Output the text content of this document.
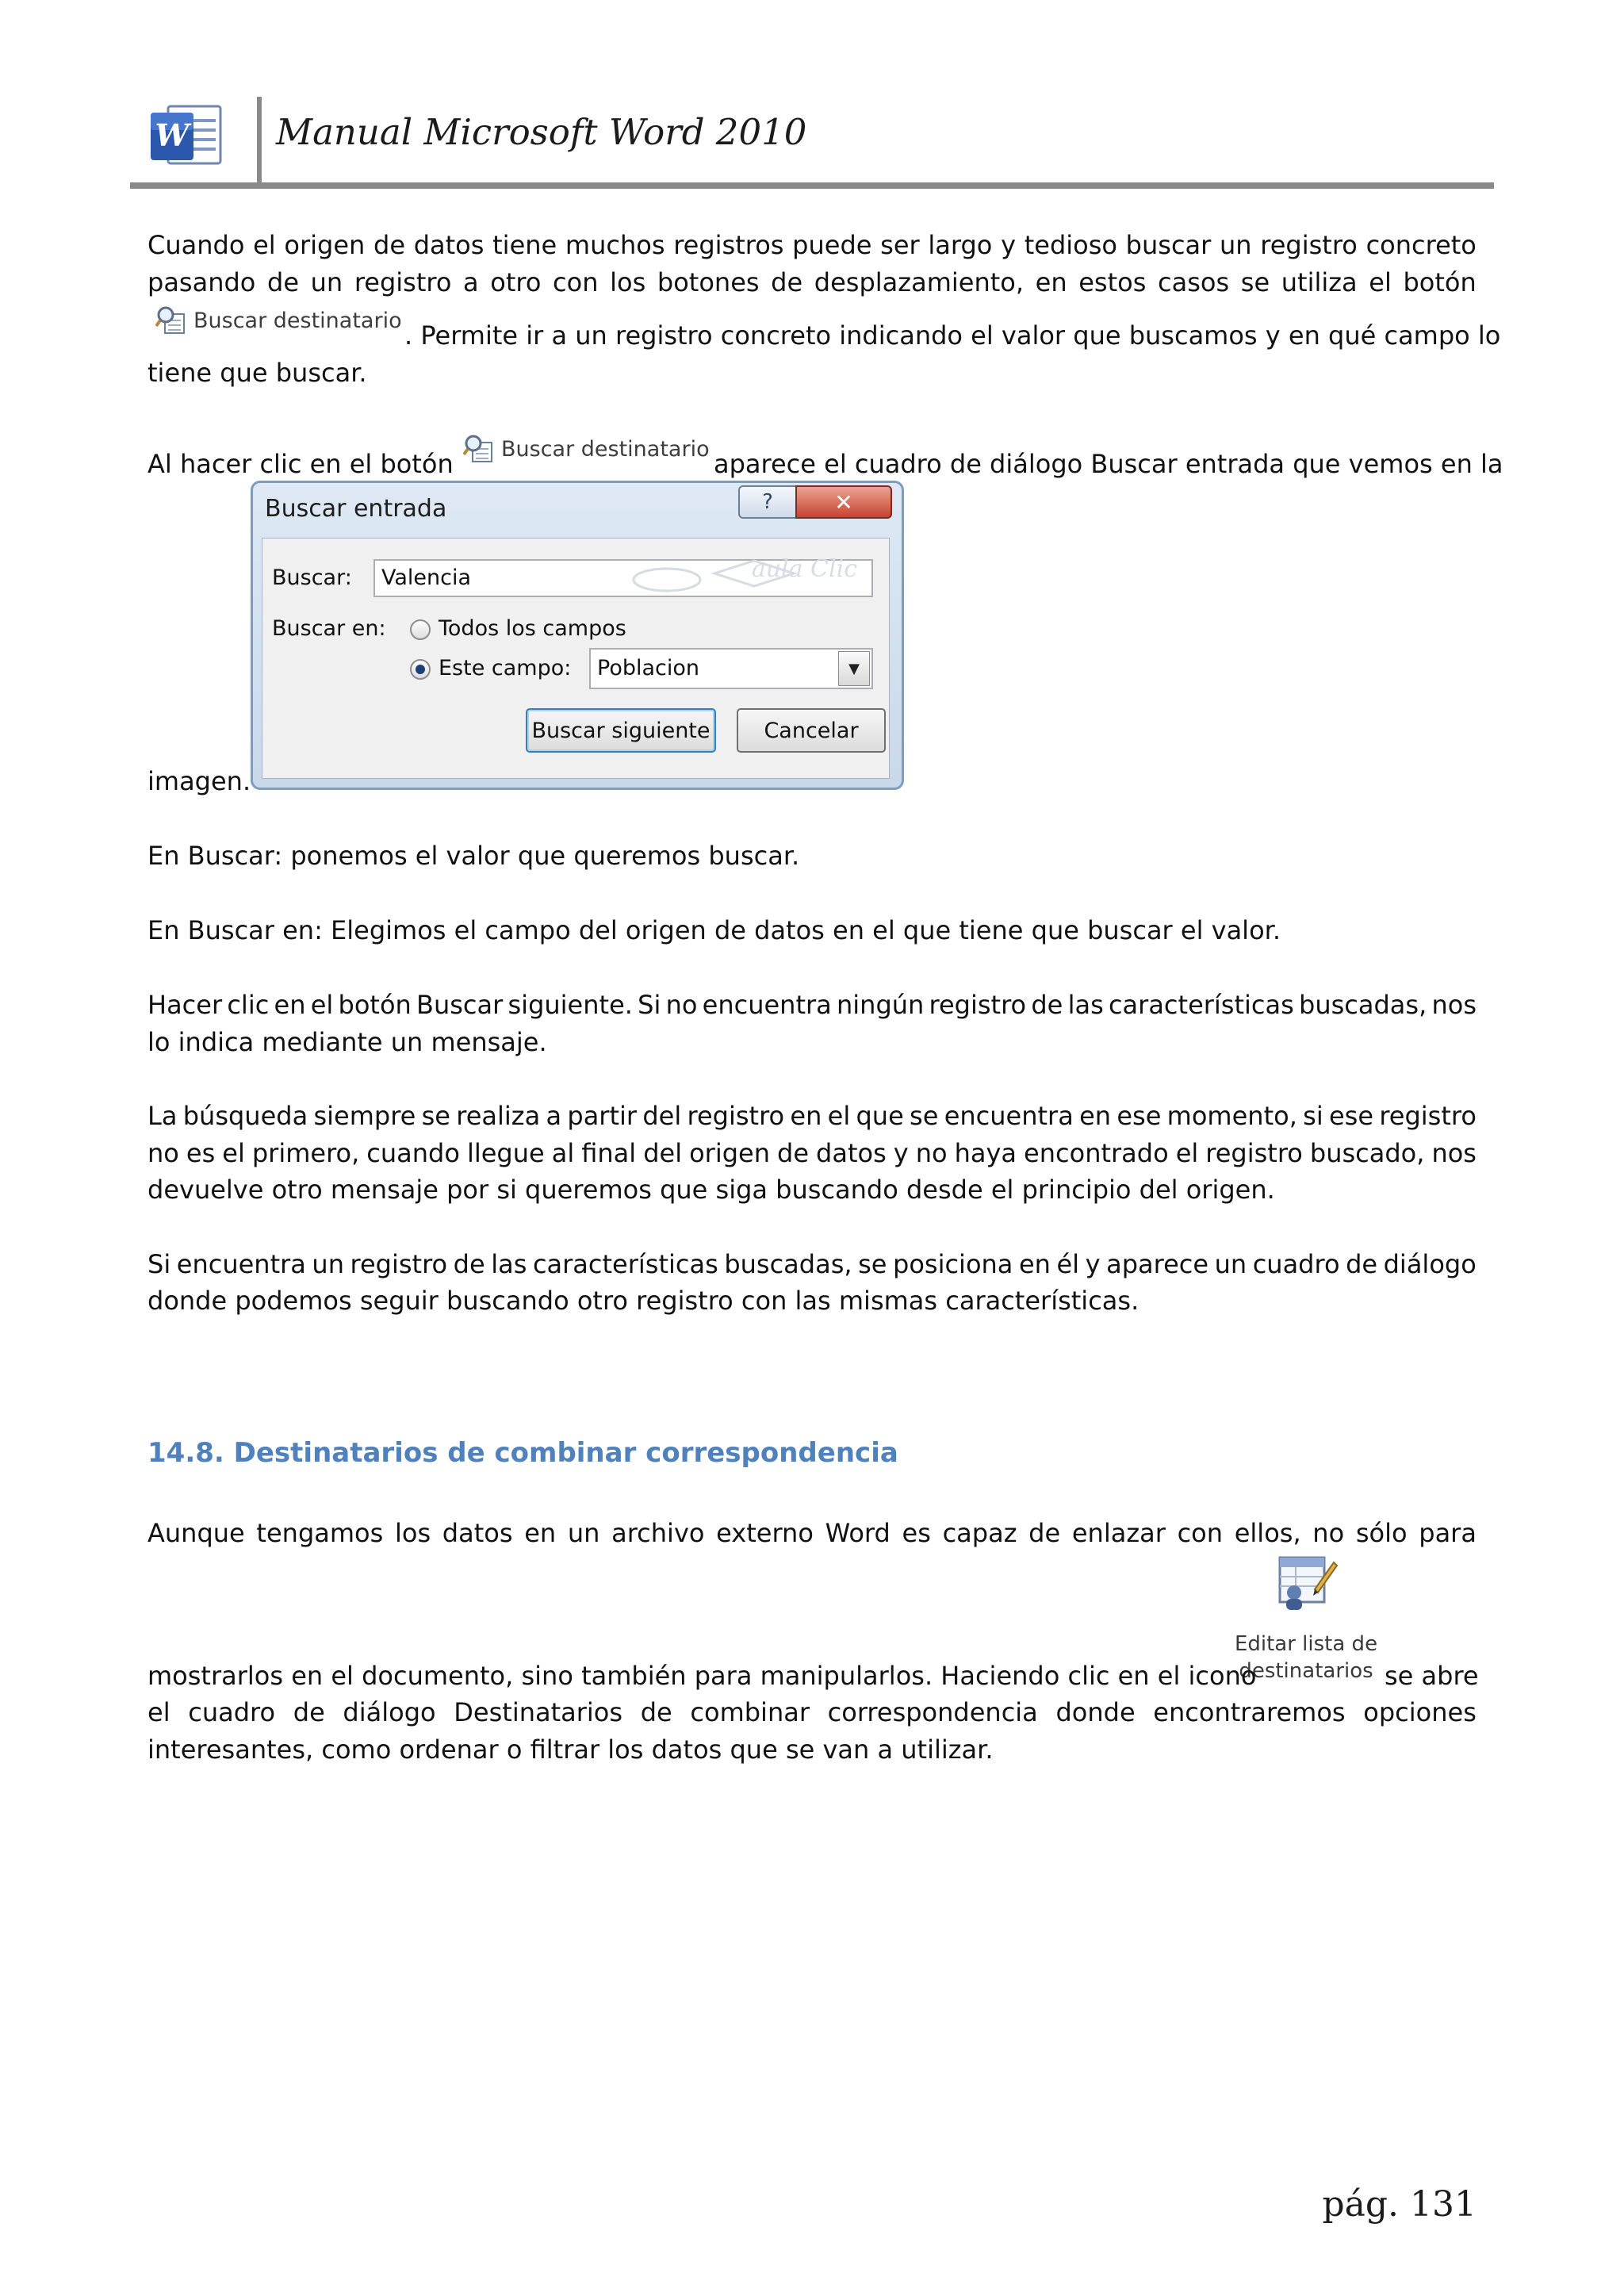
W Manual Microsoft Word 2010
Cuando el origen de datos tiene muchos registros puede ser largo y tedioso buscar un registro concreto
pasando de un registro a otro con los botones de desplazamiento, en estos casos se utiliza el botón
Buscar destinatario . Permite ir a un registro concreto indicando el valor que buscamos y en qué campo lo
tiene que buscar.
Al hacer clic en el botón Buscar destinatario aparece el cuadro de diálogo Buscar entrada que vemos en la
Buscar entrada	?	✕
Buscar:	Valencia	aula Clic
Buscar en: Todos los campos
Este campo: Poblacion	▼
Buscar siguiente	Cancelar
imagen.
En Buscar: ponemos el valor que queremos buscar.
En Buscar en: Elegimos el campo del origen de datos en el que tiene que buscar el valor.
Hacer clic en el botón Buscar siguiente. Si no encuentra ningún registro de las características buscadas, nos
lo indica mediante un mensaje.
La búsqueda siempre se realiza a partir del registro en el que se encuentra en ese momento, si ese registro
no es el primero, cuando llegue al final del origen de datos y no haya encontrado el registro buscado, nos
devuelve otro mensaje por si queremos que siga buscando desde el principio del origen.
Si encuentra un registro de las características buscadas, se posiciona en él y aparece un cuadro de diálogo
donde podemos seguir buscando otro registro con las mismas características.
14.8. Destinatarios de combinar correspondencia
Aunque tengamos los datos en un archivo externo Word es capaz de enlazar con ellos, no sólo para
Editar lista de
destinatarios
mostrarlos en el documento, sino también para manipularlos. Haciendo clic en el icono	se abre
el cuadro de diálogo Destinatarios de combinar correspondencia donde encontraremos opciones
interesantes, como ordenar o filtrar los datos que se van a utilizar.
pág. 131
